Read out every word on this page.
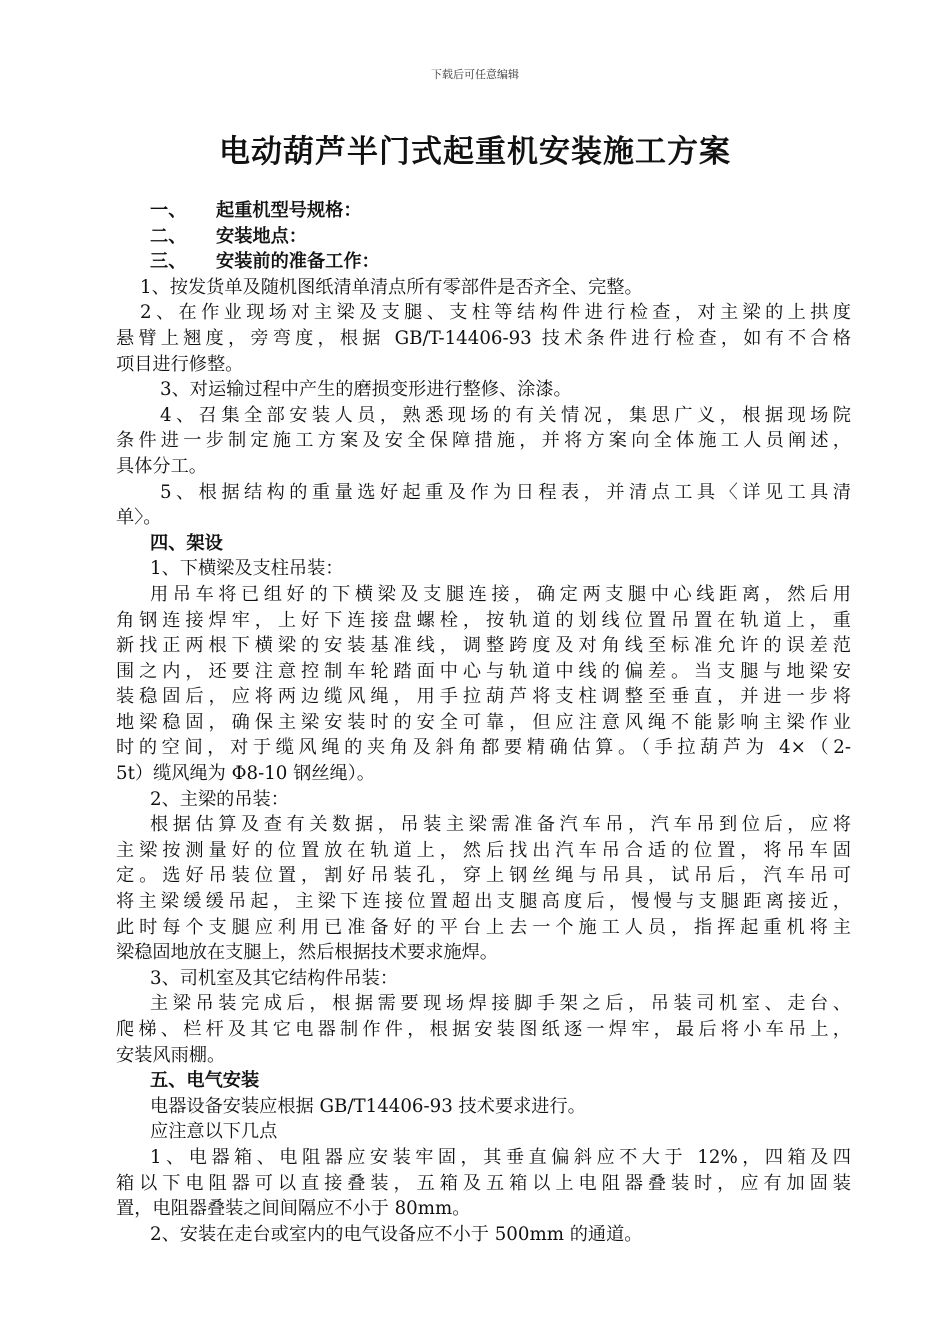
下载后可任意编辑
电动葫芦半门式起重机安装施工方案
一、 起重机型号规格：
二、 安装地点：
三、 安装前的准备工作：
1、按发货单及随机图纸清单清点所有零部件是否齐全、完整。
2、在作业现场对主梁及支腿、支柱等结构件进行检查，对主梁的上拱度
悬臂上翘度，旁弯度，根据 GB/T-14406-93 技术条件进行检查，如有不合格
项目进行修整。
3、对运输过程中产生的磨损变形进行整修、涂漆。
4、召集全部安装人员，熟悉现场的有关情况，集思广义，根据现场院
条件进一步制定施工方案及安全保障措施，并将方案向全体施工人员阐述，
具体分工。
5、根据结构的重量选好起重及作为日程表，并清点工具〈详见工具清
单〉。
四、架设
1、下横梁及支柱吊装：
用吊车将已组好的下横梁及支腿连接，确定两支腿中心线距离，然后用
角钢连接焊牢，上好下连接盘螺栓，按轨道的划线位置吊置在轨道上，重
新找正两根下横梁的安装基准线，调整跨度及对角线至标准允许的误差范
围之内，还要注意控制车轮踏面中心与轨道中线的偏差。当支腿与地梁安
装稳固后，应将两边缆风绳，用手拉葫芦将支柱调整至垂直，并进一步将
地梁稳固，确保主梁安装时的安全可靠，但应注意风绳不能影响主梁作业
时的空间，对于缆风绳的夹角及斜角都要精确估算。（手拉葫芦为 4×（2-
5t）缆风绳为 Φ8-10 钢丝绳）。
2、主梁的吊装：
根据估算及查有关数据，吊装主梁需准备汽车吊，汽车吊到位后，应将
主梁按测量好的位置放在轨道上，然后找出汽车吊合适的位置，将吊车固
定。选好吊装位置，割好吊装孔，穿上钢丝绳与吊具，试吊后，汽车吊可
将主梁缓缓吊起，主梁下连接位置超出支腿高度后，慢慢与支腿距离接近，
此时每个支腿应利用已准备好的平台上去一个施工人员，指挥起重机将主
梁稳固地放在支腿上，然后根据技术要求施焊。
3、司机室及其它结构件吊装：
主梁吊装完成后，根据需要现场焊接脚手架之后，吊装司机室、走台、
爬梯、栏杆及其它电器制作件，根据安装图纸逐一焊牢，最后将小车吊上，
安装风雨棚。
五、电气安装
电器设备安装应根据 GB/T14406-93 技术要求进行。
应注意以下几点
1、电器箱、电阻器应安装牢固，其垂直偏斜应不大于 12%，四箱及四
箱以下电阻器可以直接叠装，五箱及五箱以上电阻器叠装时，应有加固装
置，电阻器叠装之间间隔应不小于 80mm。
2、安装在走台或室内的电气设备应不小于 500mm 的通道。
